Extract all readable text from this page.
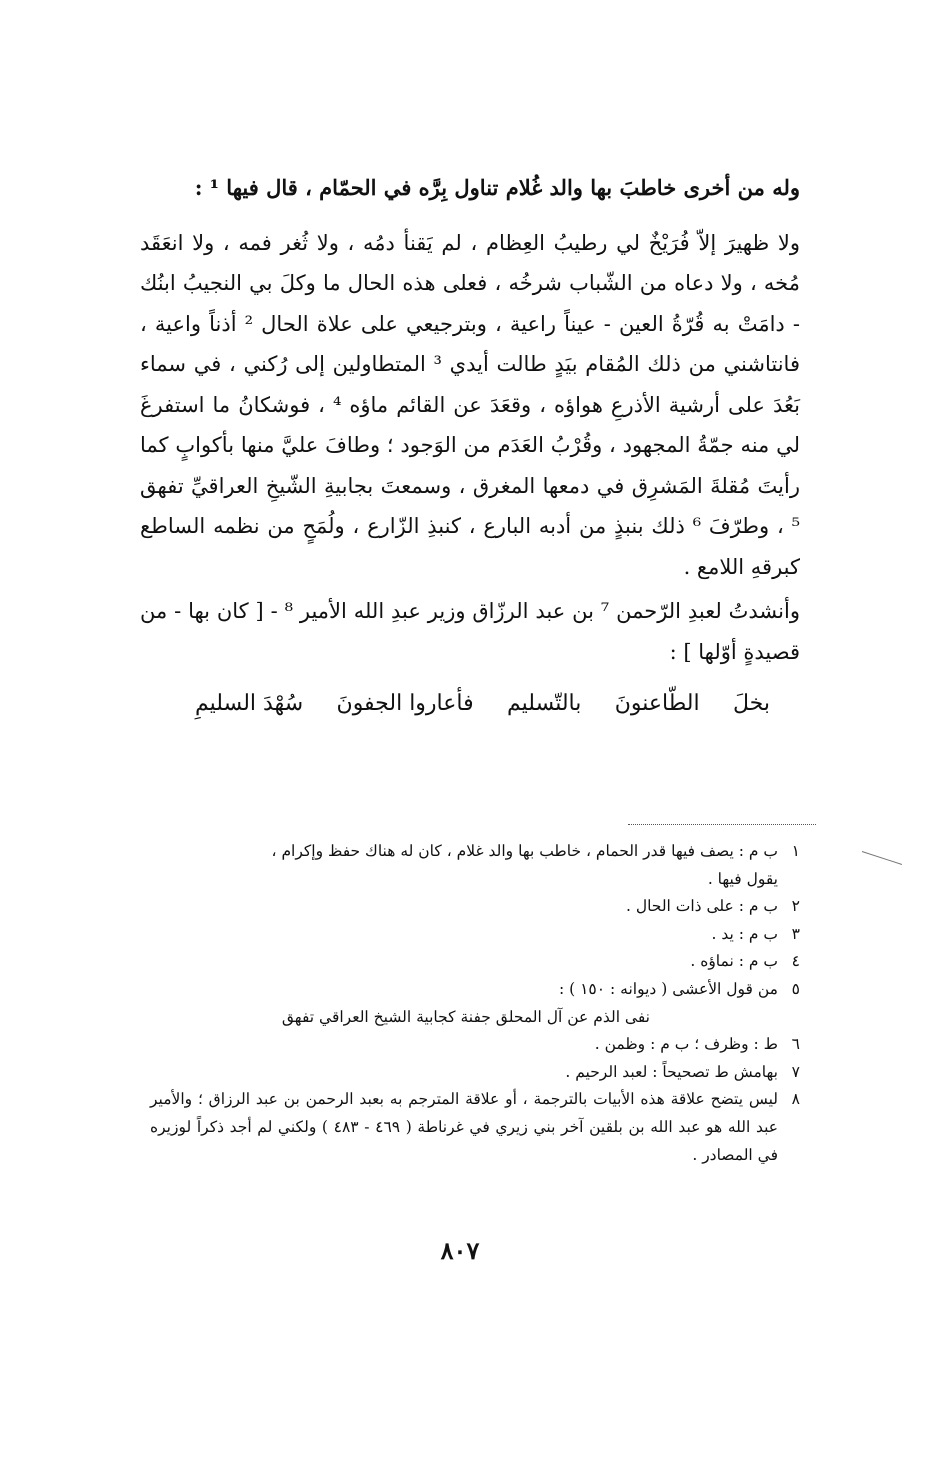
وله من أخرى خاطبَ بها والد غُلام تناول بِرَّه في الحمّام ، قال فيها ¹ :

ولا ظهيرَ إلاّ فُرَيْخٌ لي رطيبُ العِظام ، لم يَقنأ دمُه ، ولا ثُغر فمه ، ولا انعَقَد مُخه ، ولا دعاه من الشّباب شرخُه ، فعلى هذه الحال ما وكلَ بي النجيبُ ابنُك - دامَتْ به قُرّةُ العين - عيناً راعية ، وبترجيعي على علاة الحال ² أذناً واعية ، فانتاشني من ذلك المُقام بيَدٍ طالت أيدي ³ المتطاولين إلى رُكني ، في سماء بَعُدَ على أرشية الأذرعِ هواؤه ، وقعَدَ عن القائم ماؤه ⁴ ، فوشكانُ ما استفرغَ لي منه جمّةُ المجهود ، وقُرْبُ العَدَم من الوَجود ؛ وطافَ عليَّ منها بأكوابٍ كما رأيتَ مُقلةَ المَشرِق في دمعها المغرق ، وسمعتَ بجابيةِ الشّيخِ العراقيِّ تفهق ⁵ ، وطرّفَ ⁶ ذلك بنبذٍ من أدبه البارع ، كنبذِ الزّارع ، ولُمَحٍ من نظمه الساطع كبرقهِ اللامع .

وأنشدتُ لعبدِ الرّحمن ⁷ بن عبد الرزّاق وزير عبدِ الله الأمير ⁸ - [ كان بها - من قصيدةٍ أوّلها ] :

بخلَ
الطّاعنونَ
بالتّسليم
فأعاروا الجفونَ
سُهْدَ السليمِ
١
ب م : يصف فيها قدر الحمام ، خاطب بها والد غلام ، كان له هناك حفظ وإكرام ،
يقول فيها .
٢
ب م : على ذات الحال .
٣
ب م : يد .
٤
ب م : نماؤه .
٥
من قول الأعشى ( ديوانه : ١٥٠ ) :
نفى الذم عن آل المحلق جفنة كجابية الشيخ العراقي تفهق
٦
ط : وظرف ؛ ب م : وظمن .
٧
بهامش ط تصحيحاً : لعبد الرحيم .
٨
ليس يتضح علاقة هذه الأبيات بالترجمة ، أو علاقة المترجم به بعبد الرحمن بن عبد الرزاق ؛ والأمير عبد الله هو عبد الله بن بلقين آخر بني زيري في غرناطة ( ٤٦٩ - ٤٨٣ ) ولكني لم أجد ذكراً لوزيره في المصادر .
٨٠٧
